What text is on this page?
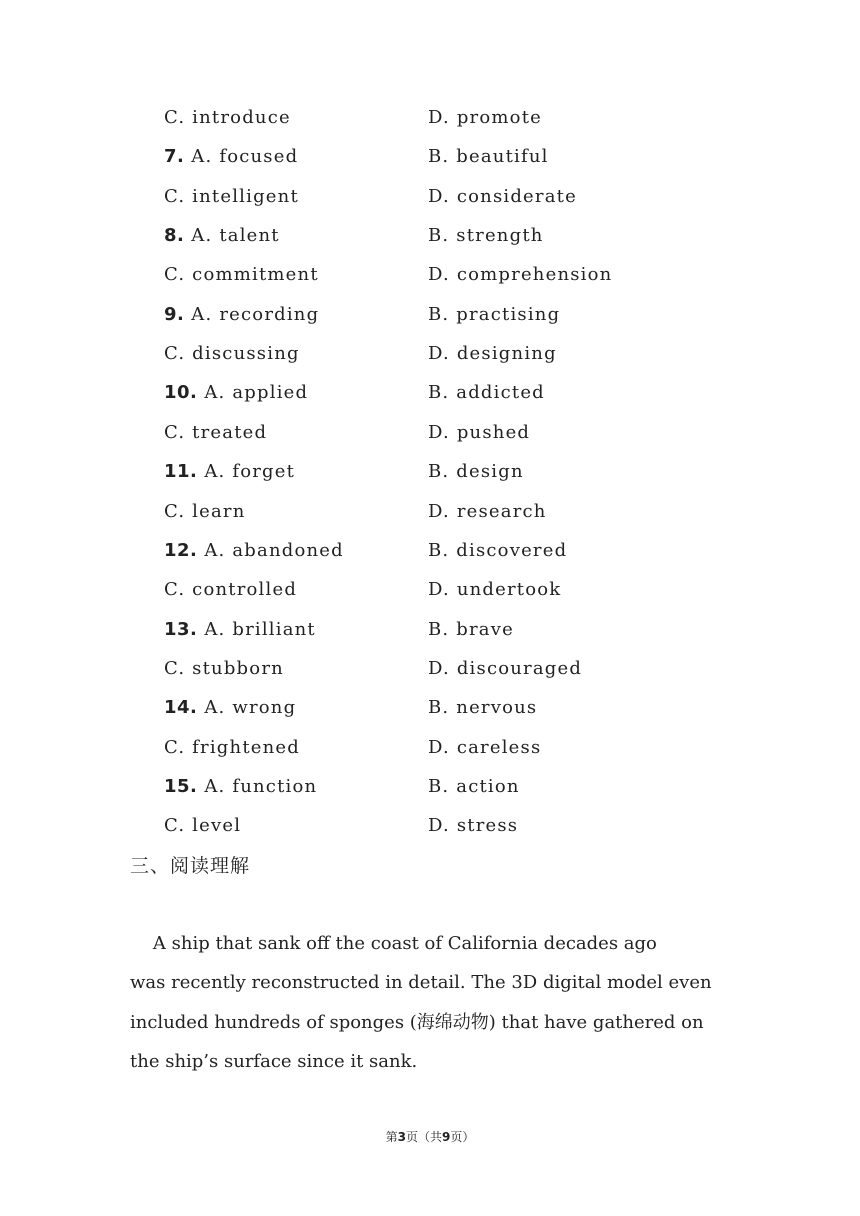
C. introduce	D. promote
7. A. focused	B. beautiful
C. intelligent	D. considerate
8. A. talent	B. strength
C. commitment	D. comprehension
9. A. recording	B. practising
C. discussing	D. designing
10. A. applied	B. addicted
C. treated	D. pushed
11. A. forget	B. design
C. learn	D. research
12. A. abandoned	B. discovered
C. controlled	D. undertook
13. A. brilliant	B. brave
C. stubborn	D. discouraged
14. A. wrong	B. nervous
C. frightened	D. careless
15. A. function	B. action
C. level	D. stress
三、阅读理解
A ship that sank off the coast of California decades ago
was recently reconstructed in detail. The 3D digital model even
included hundreds of sponges (海绵动物) that have gathered on
the ship’s surface since it sank.
第3页（共9页）
